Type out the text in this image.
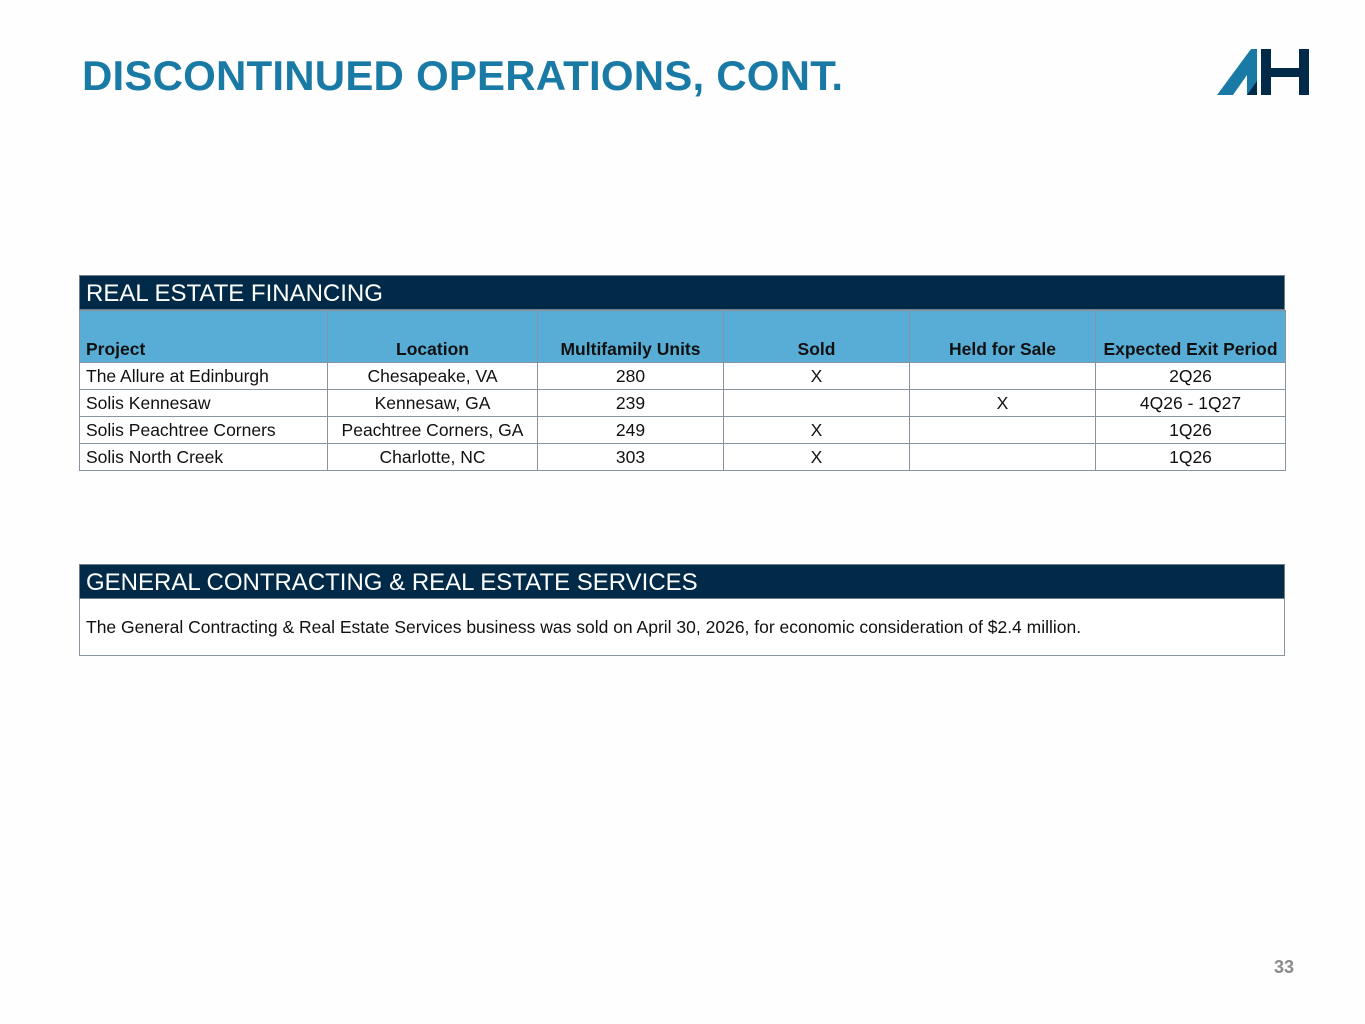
DISCONTINUED OPERATIONS, CONT.
REAL ESTATE FINANCING
Project	Location	Multifamily Units	Sold	Held for Sale	Expected Exit Period
The Allure at Edinburgh	Chesapeake, VA	280	X		2Q26
Solis Kennesaw	Kennesaw, GA	239		X	4Q26 - 1Q27
Solis Peachtree Corners	Peachtree Corners, GA	249	X		1Q26
Solis North Creek	Charlotte, NC	303	X		1Q26
GENERAL CONTRACTING & REAL ESTATE SERVICES
The General Contracting & Real Estate Services business was sold on April 30, 2026, for economic consideration of $2.4 million.
33
